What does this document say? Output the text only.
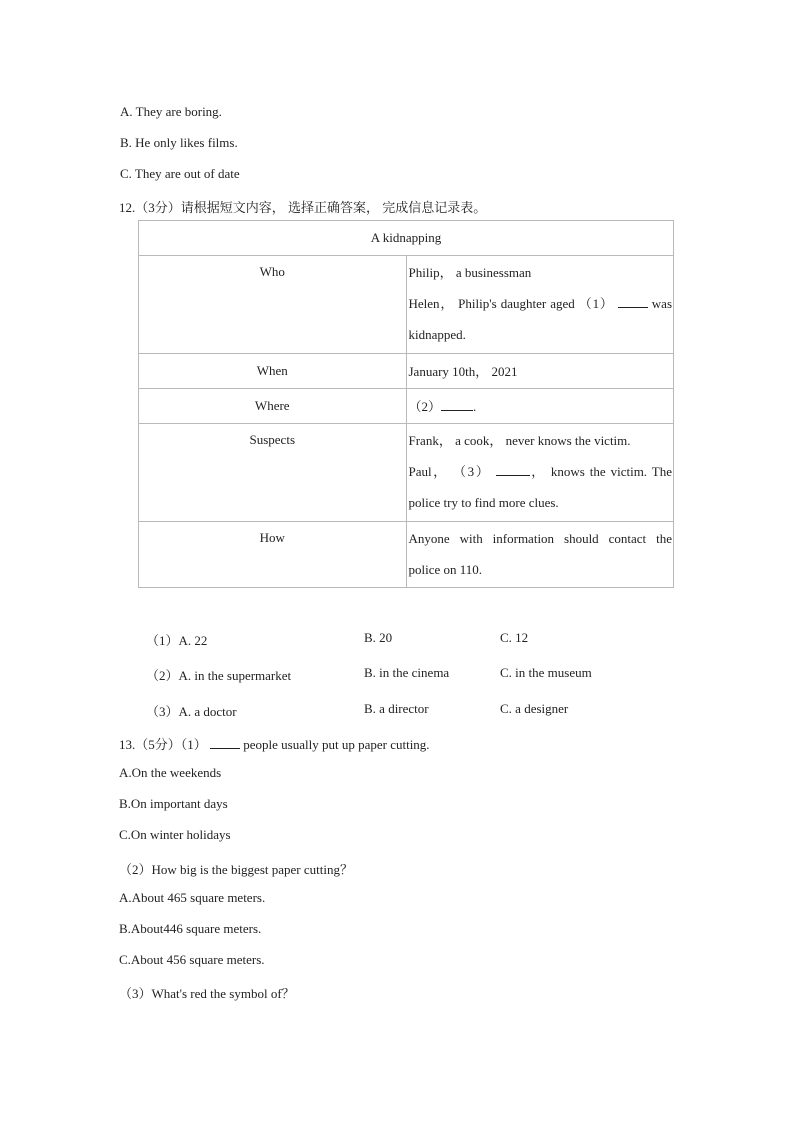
A. They are boring.
B. He only likes films.
C. They are out of date
12.（3分）请根据短文内容， 选择正确答案， 完成信息记录表。
A kidnapping	
Who	Philip， a businessman
Helen， Philip's daughter aged （1） was kidnapped.
When	January 10th， 2021
Where	（2） .
Suspects	Frank， a cook， never knows the victim.
Paul， （3） ， knows the victim. The police try to find more clues.
How	Anyone with information should contact the police on 110.
（1）A. 22	B. 20	C. 12
（2）A. in the supermarket	B. in the cinema	C. in the museum
（3）A. a doctor	B. a director	C. a designer
13.（5分）（1）	people usually put up paper cutting.
A.On the weekends
B.On important days
C.On winter holidays
（2）How big is the biggest paper cutting？
A.About 465 square meters.
B.About446 square meters.
C.About 456 square meters.
（3）What's red the symbol of？
